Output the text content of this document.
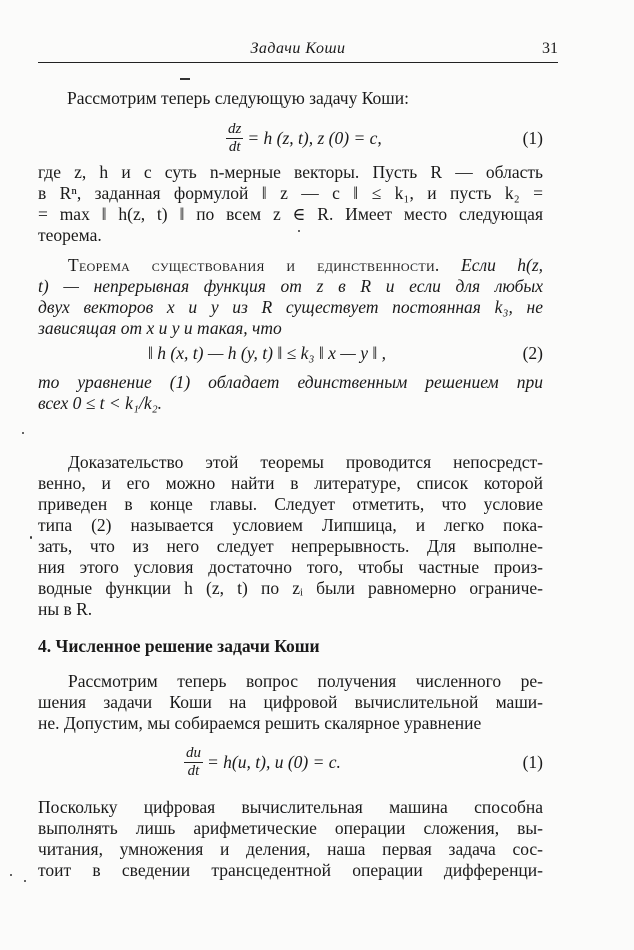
Задачи Коши	31
Рассмотрим теперь следующую задачу Коши:
$\frac{dz}{dt} = h$ (z, t), z (0) = c,	(1)
где z, h и c суть n-мерные векторы. Пусть R — область
в Rⁿ, заданная формулой ‖ z — c ‖ ≤ k₁, и пусть k₂ =
= max ‖ h(z, t) ‖ по всем z ∈ R. Имеет место следующая
теорема.
Теорема существования и единственности. Если h(z,
t) — непрерывная функция от z в R и если для любых
двух векторов x и y из R существует постоянная k₃, не
зависящая от x и y и такая, что
‖ h (x, t) — h (y, t) ‖ ≤ k₃ ‖ x — y ‖ ,	(2)
то уравнение (1) обладает единственным решением при
всех 0 ≤ t < k₁/k₂.
Доказательство этой теоремы проводится непосредст-
венно, и его можно найти в литературе, список которой
приведен в конце главы. Следует отметить, что условие
типа (2) называется условием Липшица, и легко пока-
зать, что из него следует непрерывность. Для выполне-
ния этого условия достаточно того, чтобы частные произ-
водные функции h (z, t) по zᵢ были равномерно ограниче-
ны в R.
4. Численное решение задачи Коши
Рассмотрим теперь вопрос получения численного ре-
шения задачи Коши на цифровой вычислительной маши-
не. Допустим, мы собираемся решить скалярное уравнение
$\frac{du}{dt} = h(u$, t), u (0) = c.	(1)
Поскольку цифровая вычислительная машина способна
выполнять лишь арифметические операции сложения, вы-
читания, умножения и деления, наша первая задача сос-
тоит в сведении трансцедентной операции дифференци-
